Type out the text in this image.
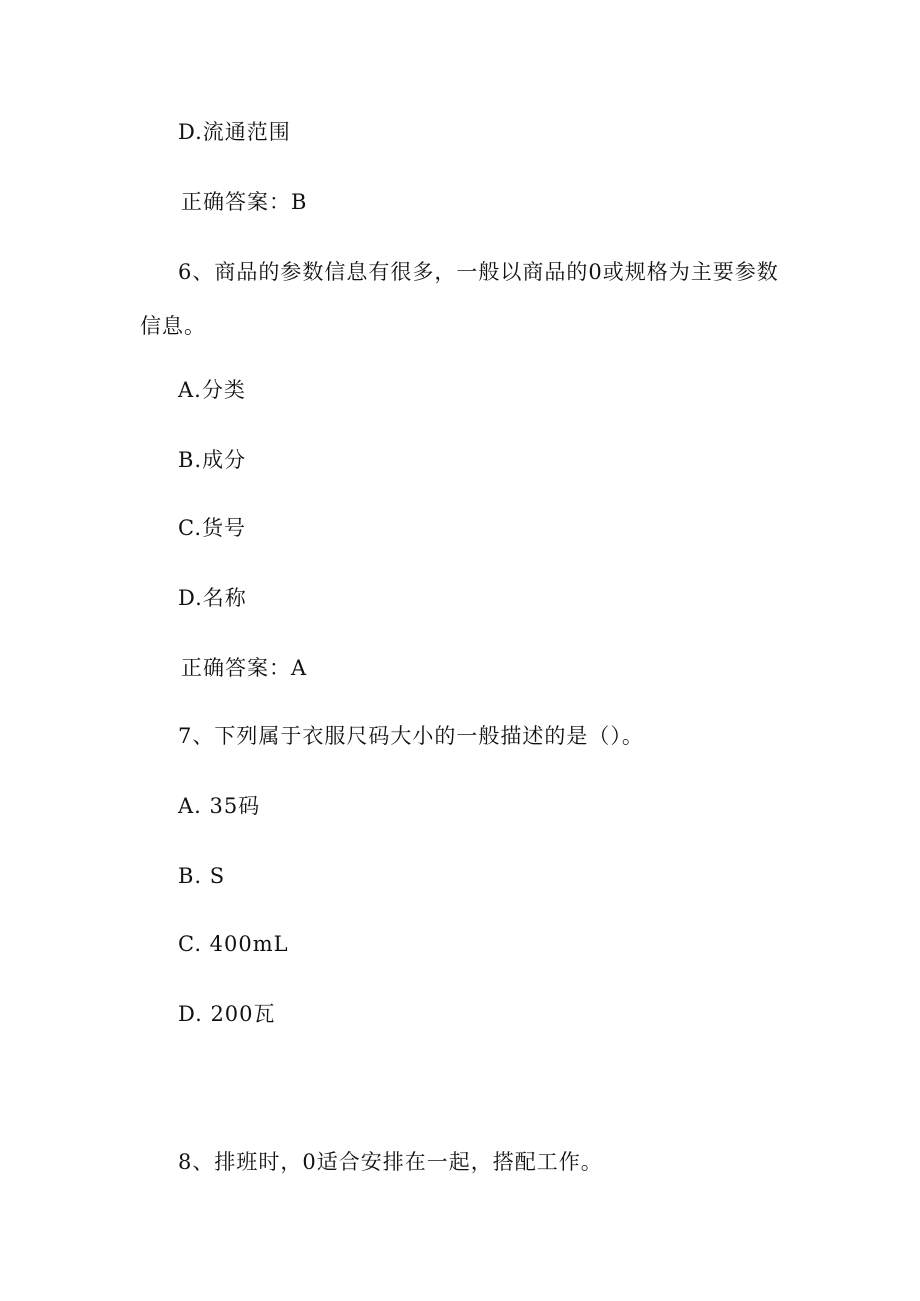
D.流通范围
正确答案：B
6、商品的参数信息有很多，一般以商品的0或规格为主要参数
信息。
A.分类
B.成分
C.货号
D.名称
正确答案：A
7、下列属于衣服尺码大小的一般描述的是（）。
A. 35码
B. S
C. 400mL
D. 200瓦
8、排班时，0适合安排在一起，搭配工作。
